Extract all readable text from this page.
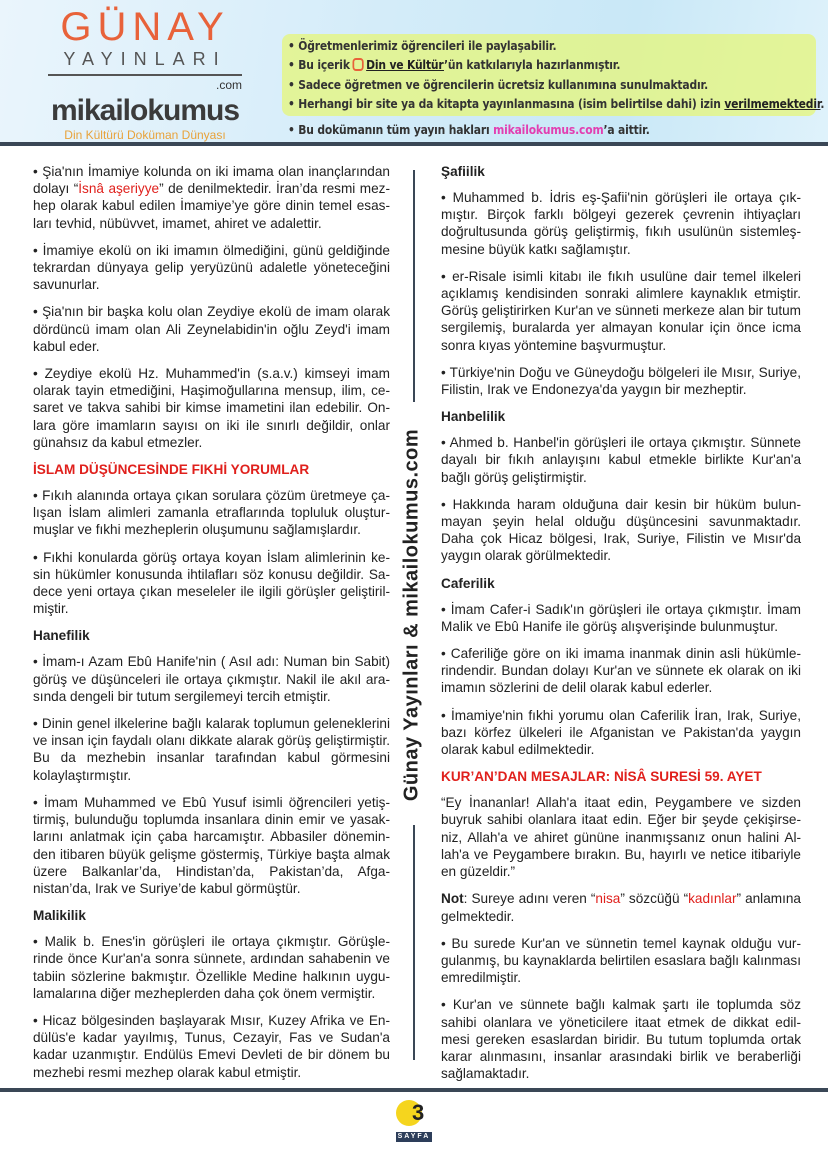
GÜNAY
YAYINLARI
.com
mikailokumus
Din Kültürü Doküman Dünyası
• Öğretmenlerimiz öğrencileri ile paylaşabilir.
• Bu içerik Din ve Kültür’ün katkılarıyla hazırlanmıştır.
• Sadece öğretmen ve öğrencilerin ücretsiz kullanımına sunulmaktadır.
• Herhangi bir site ya da kitapta yayınlanmasına (isim belirtilse dahi) izin verilmemektedir.
• Bu dokümanın tüm yayın hakları mikailokumus.com’a aittir.

• Şia'nın İmamiye kolunda on iki imama olan inançlarından dolayı “İsnâ aşeriyye” de denilmektedir. İran’da resmi mezhep olarak kabul edilen İmamiye’ye göre dinin temel esasları tevhid, nübüvvet, imamet, ahiret ve adalettir.

• İmamiye ekolü on iki imamın ölmediğini, günü geldiğinde tekrardan dünyaya gelip yeryüzünü adaletle yöneteceğini savunurlar.

• Şia'nın bir başka kolu olan Zeydiye ekolü de imam olarak dördüncü imam olan Ali Zeynelabidin'in oğlu Zeyd'i imam kabul eder.

• Zeydiye ekolü Hz. Muhammed'in (s.a.v.) kimseyi imam olarak tayin etmediğini, Haşimoğullarına mensup, ilim, cesaret ve takva sahibi bir kimse imametini ilan edebilir. Onlara göre imamların sayısı on iki ile sınırlı değildir, onlar günahsız da kabul etmezler.

İSLAM DÜŞÜNCESİNDE FIKHİ YORUMLAR

• Fıkıh alanında ortaya çıkan sorulara çözüm üretmeye çalışan İslam alimleri zamanla etraflarında topluluk oluşturmuşlar ve fıkhi mezheplerin oluşumunu sağlamışlardır.

• Fıkhi konularda görüş ortaya koyan İslam alimlerinin kesin hükümler konusunda ihtilafları söz konusu değildir. Sadece yeni ortaya çıkan meseleler ile ilgili görüşler geliştirilmiştir.

Hanefilik

• İmam-ı Azam Ebû Hanife'nin ( Asıl adı: Numan bin Sabit) görüş ve düşünceleri ile ortaya çıkmıştır. Nakil ile akıl arasında dengeli bir tutum sergilemeyi tercih etmiştir.

• Dinin genel ilkelerine bağlı kalarak toplumun geleneklerini ve insan için faydalı olanı dikkate alarak görüş geliştirmiştir. Bu da mezhebin insanlar tarafından kabul görmesini kolaylaştırmıştır.

• İmam Muhammed ve Ebû Yusuf isimli öğrencileri yetiştirmiş, bulunduğu toplumda insanlara dinin emir ve yasaklarını anlatmak için çaba harcamıştır. Abbasiler döneminden itibaren büyük gelişme göstermiş, Türkiye başta almak üzere Balkanlar’da, Hindistan’da, Pakistan’da, Afganistan’da, Irak ve Suriye’de kabul görmüştür.

Malikilik

• Malik b. Enes'in görüşleri ile ortaya çıkmıştır. Görüşlerinde önce Kur'an'a sonra sünnete, ardından sahabenin ve tabiin sözlerine bakmıştır. Özellikle Medine halkının uygulamalarına diğer mezheplerden daha çok önem vermiştir.

• Hicaz bölgesinden başlayarak Mısır, Kuzey Afrika ve Endülüs'e kadar yayılmış, Tunus, Cezayir, Fas ve Sudan'a kadar uzanmıştır. Endülüs Emevi Devleti de bir dönem bu mezhebi resmi mezhep olarak kabul etmiştir.

Günay Yayınları & mikailokumus.com
Şafiilik

• Muhammed b. İdris eş-Şafii'nin görüşleri ile ortaya çıkmıştır. Birçok farklı bölgeyi gezerek çevrenin ihtiyaçları doğrultusunda görüş geliştirmiş, fıkıh usulünün sistemleşmesine büyük katkı sağlamıştır.

• er-Risale isimli kitabı ile fıkıh usulüne dair temel ilkeleri açıklamış kendisinden sonraki alimlere kaynaklık etmiştir. Görüş geliştirirken Kur'an ve sünneti merkeze alan bir tutum sergilemiş, buralarda yer almayan konular için önce icma sonra kıyas yöntemine başvurmuştur.

• Türkiye'nin Doğu ve Güneydoğu bölgeleri ile Mısır, Suriye, Filistin, Irak ve Endonezya'da yaygın bir mezheptir.

Hanbelilik

• Ahmed b. Hanbel'in görüşleri ile ortaya çıkmıştır. Sünnete dayalı bir fıkıh anlayışını kabul etmekle birlikte Kur'an'a bağlı görüş geliştirmiştir.

• Hakkında haram olduğuna dair kesin bir hüküm bulunmayan şeyin helal olduğu düşüncesini savunmaktadır. Daha çok Hicaz bölgesi, Irak, Suriye, Filistin ve Mısır'da yaygın olarak görülmektedir.

Caferilik

• İmam Cafer-i Sadık'ın görüşleri ile ortaya çıkmıştır. İmam Malik ve Ebû Hanife ile görüş alışverişinde bulunmuştur.

• Caferiliğe göre on iki imama inanmak dinin asli hükümlerindendir. Bundan dolayı Kur'an ve sünnete ek olarak on iki imamın sözlerini de delil olarak kabul ederler.

• İmamiye'nin fıkhi yorumu olan Caferilik İran, Irak, Suriye, bazı körfez ülkeleri ile Afganistan ve Pakistan'da yaygın olarak kabul edilmektedir.

KUR’AN’DAN MESAJLAR: NİSÂ SURESİ 59. AYET

“Ey İnananlar! Allah'a itaat edin, Peygambere ve sizden buyruk sahibi olanlara itaat edin. Eğer bir şeyde çekişirseniz, Allah'a ve ahiret gününe inanmışsanız onun halini Allah'a ve Peygambere bırakın. Bu, hayırlı ve netice itibariyle en güzeldir.”

Not: Sureye adını veren “nisa” sözcüğü “kadınlar” anlamına gelmektedir.

• Bu surede Kur'an ve sünnetin temel kaynak olduğu vurgulanmış, bu kaynaklarda belirtilen esaslara bağlı kalınması emredilmiştir.

• Kur'an ve sünnete bağlı kalmak şartı ile toplumda söz sahibi olanlara ve yöneticilere itaat etmek de dikkat edilmesi gereken esaslardan biridir. Bu tutum toplumda ortak karar alınmasını, insanlar arasındaki birlik ve beraberliği sağlamaktadır.

3
SAYFA
